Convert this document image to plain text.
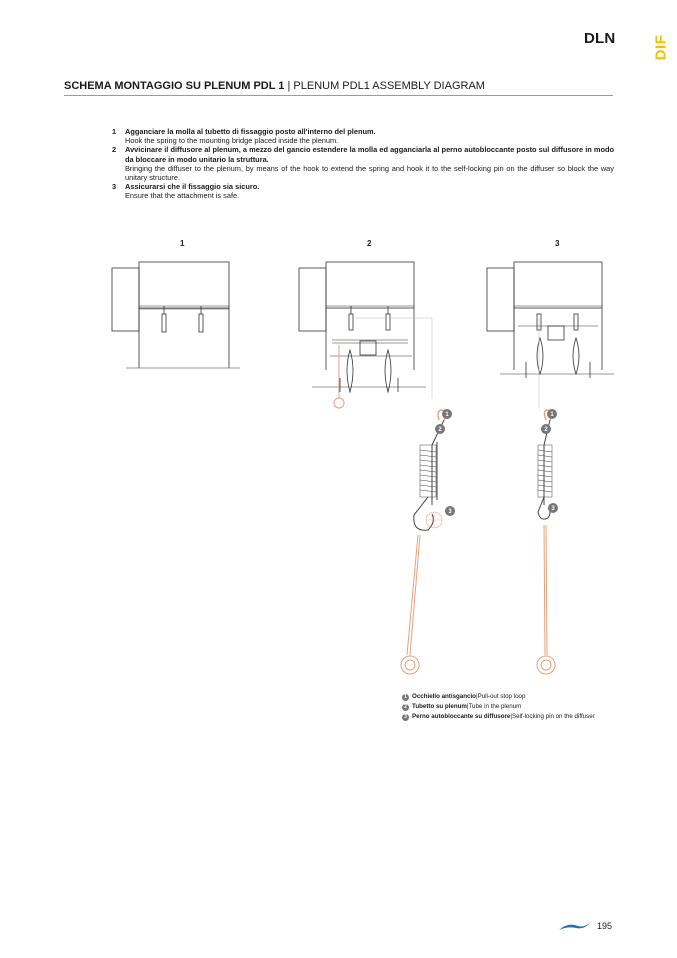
DLN DIF
SCHEMA MONTAGGIO SU PLENUM PDL 1 | PLENUM PDL1 ASSEMBLY DIAGRAM
1	Agganciare la molla al tubetto di fissaggio posto all'interno del plenum.
Hook the spring to the mounting bridge placed inside the plenum.
2	Avvicinare il diffusore al plenum, a mezzo del gancio estendere la molla ed agganciarla al perno autobloccante posto sul diffusore in modo da bloccare in modo unitario la struttura.
Bringing the diffuser to the plenum, by means of the hook to extend the spring and hook it to the self-locking pin on the diffuser so block the way unitary structure.
3	Assicurarsi che il fissaggio sia sicuro.
Ensure that the attachment is safe.
1	2	3
1
2
3
1
2
3
1 Occhiello antisgancio | Pull-out stop loop
2 Tubetto su plenum | Tube in the plenum
3 Perno autobloccante su diffusore | Self-locking pin on the diffuser
195
